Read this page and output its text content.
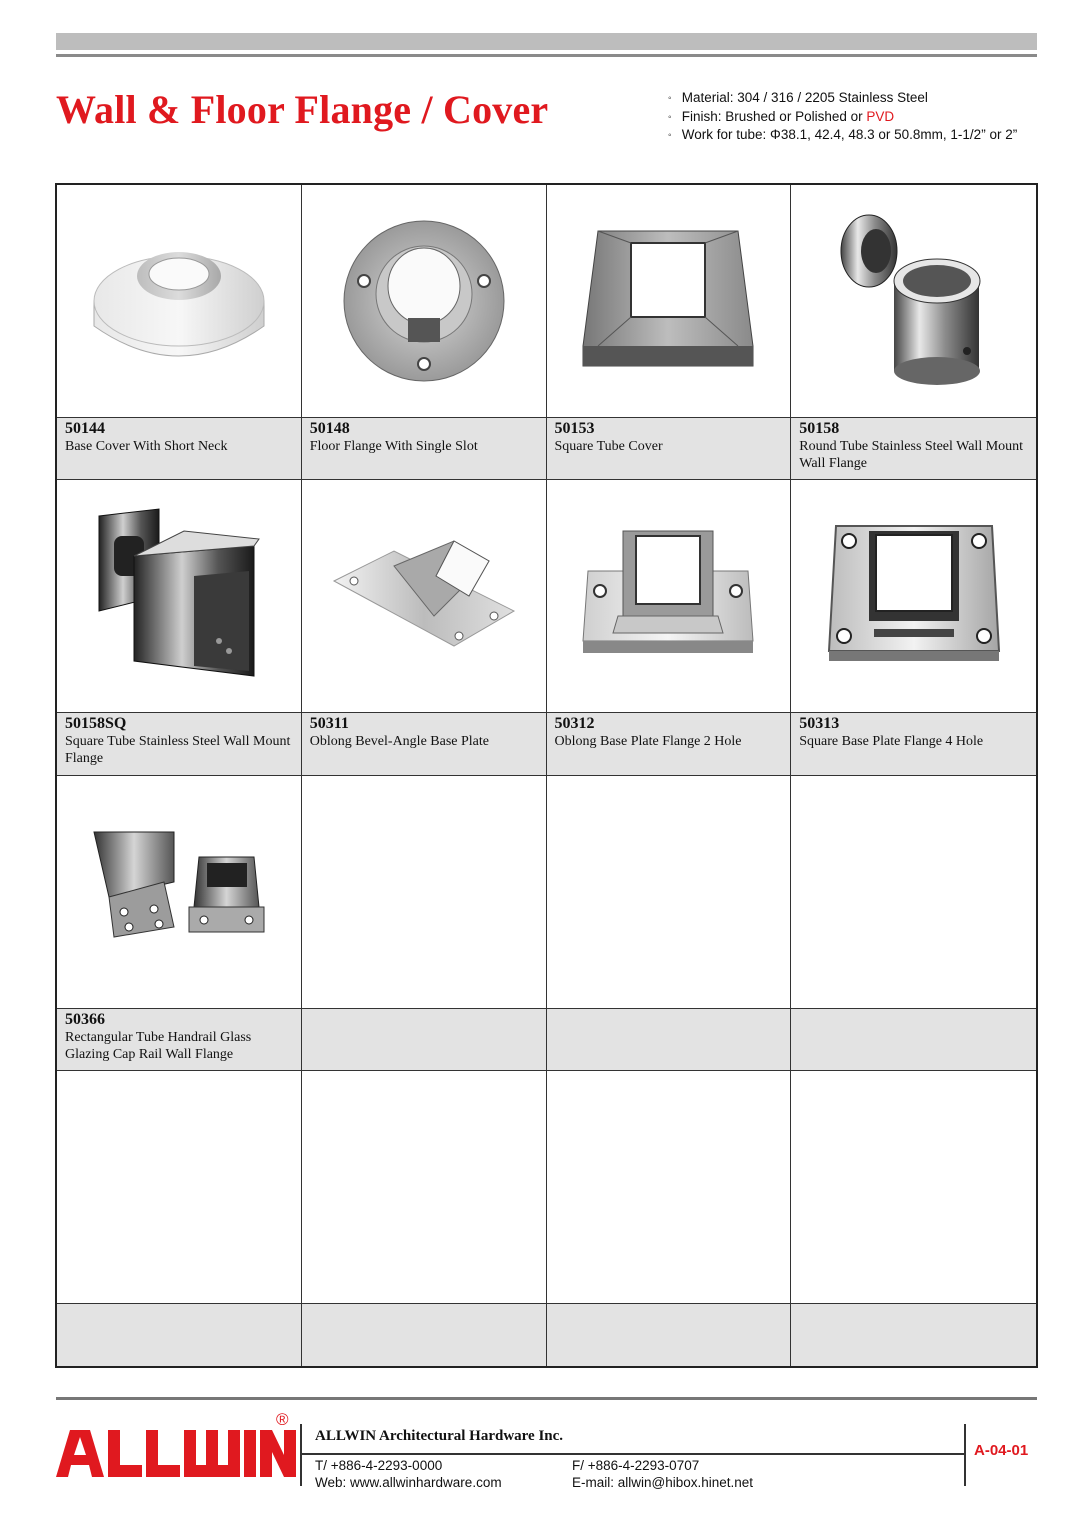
Wall & Floor Flange / Cover	◦ Material: 304 / 316 / 2205 Stainless Steel
◦ Finish: Brushed or Polished or PVD
◦ Work for tube: Φ38.1, 42.4, 48.3 or 50.8mm, 1-1/2” or 2”
50144
Base Cover With Short Neck
50148
Floor Flange With Single Slot
50153
Square Tube Cover
50158
Round Tube Stainless Steel Wall Mount Wall Flange
50158SQ
Square Tube Stainless Steel Wall Mount Flange
50311
Oblong Bevel-Angle Base Plate
50312
Oblong Base Plate Flange 2 Hole
50313
Square Base Plate Flange 4 Hole
50366
Rectangular Tube Handrail Glass Glazing Cap Rail Wall Flange
®
ALLWIN Architectural Hardware Inc.
T/ +886-4-2293-0000
Web: www.allwinhardware.com
F/ +886-4-2293-0707
E-mail: allwin@hibox.hinet.net
A-04-01
